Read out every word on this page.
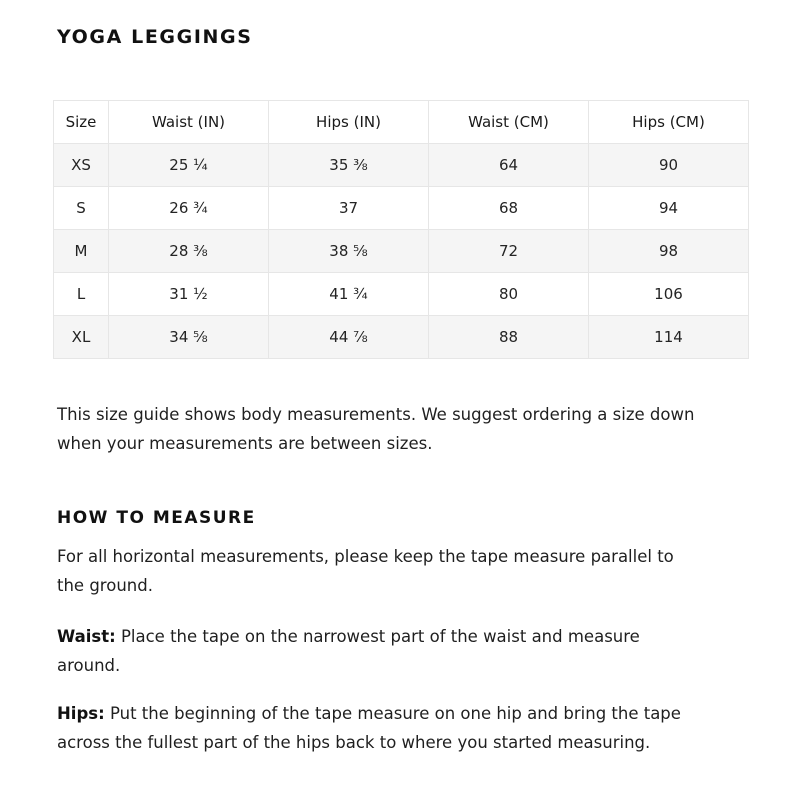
YOGA LEGGINGS
Size	Waist (IN)	Hips (IN)	Waist (CM)	Hips (CM)
XS	25 ¼	35 ⅜	64	90
S	26 ¾	37	68	94
M	28 ⅜	38 ⅝	72	98
L	31 ½	41 ¾	80	106
XL	34 ⅝	44 ⅞	88	114

This size guide shows body measurements. We suggest ordering a size down when your measurements are between sizes.

HOW TO MEASURE

For all horizontal measurements, please keep the tape measure parallel to the ground.

Waist: Place the tape on the narrowest part of the waist and measure around.

Hips: Put the beginning of the tape measure on one hip and bring the tape across the fullest part of the hips back to where you started measuring.
